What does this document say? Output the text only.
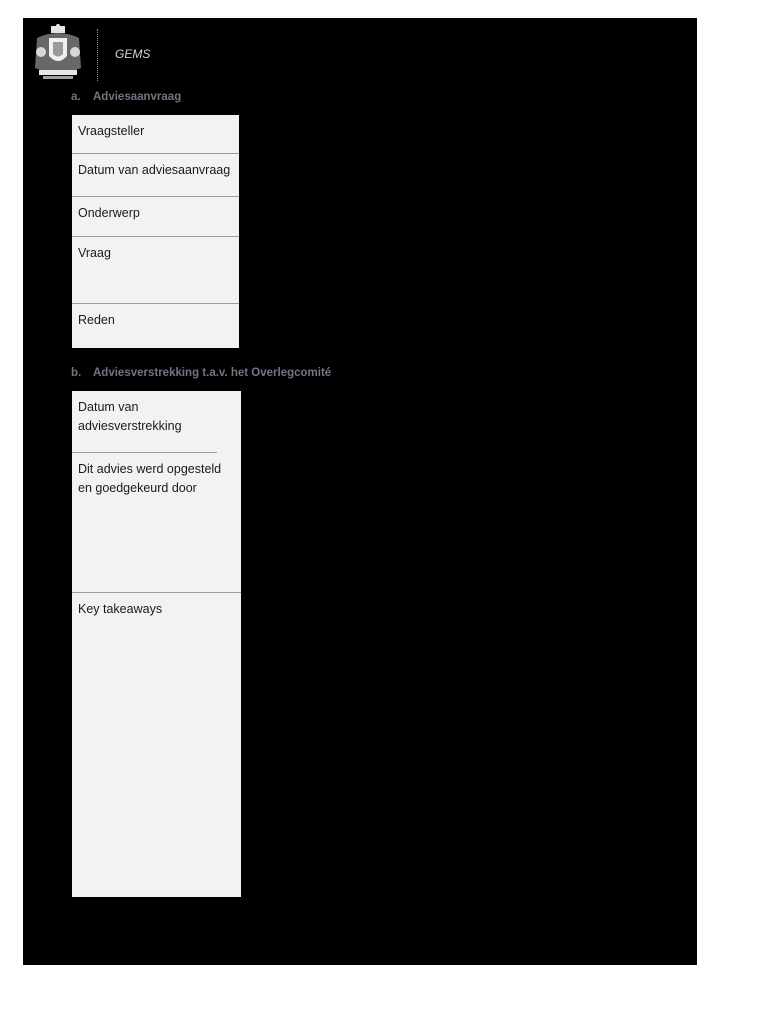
GEMS
a. Adviesaanvraag
Vraagsteller
Datum van adviesaanvraag
Onderwerp
Vraag
Reden
b. Adviesverstrekking t.a.v. het Overlegcomité
Datum van adviesverstrekking
Dit advies werd opgesteld en goedgekeurd door
Key takeaways
